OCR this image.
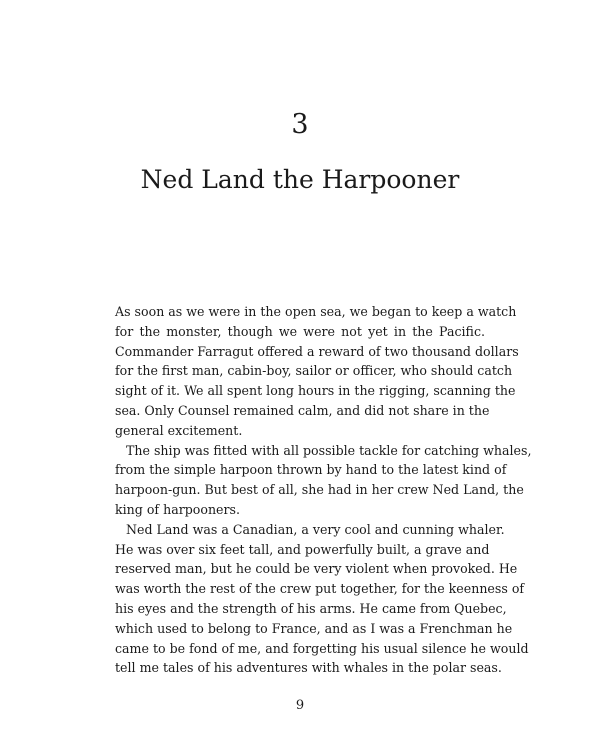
3
Ned Land the Harpooner
As soon as we were in the open sea, we began to keep a watch
for the monster, though we were not yet in the Pacific.
Commander Farragut offered a reward of two thousand dollars
for the first man, cabin-boy, sailor or officer, who should catch
sight of it. We all spent long hours in the rigging, scanning the
sea. Only Counsel remained calm, and did not share in the
general excitement.
The ship was fitted with all possible tackle for catching whales,
from the simple harpoon thrown by hand to the latest kind of
harpoon-gun. But best of all, she had in her crew Ned Land, the
king of harpooners.
Ned Land was a Canadian, a very cool and cunning whaler.
He was over six feet tall, and powerfully built, a grave and
reserved man, but he could be very violent when provoked. He
was worth the rest of the crew put together, for the keenness of
his eyes and the strength of his arms. He came from Quebec,
which used to belong to France, and as I was a Frenchman he
came to be fond of me, and forgetting his usual silence he would
tell me tales of his adventures with whales in the polar seas.
9
